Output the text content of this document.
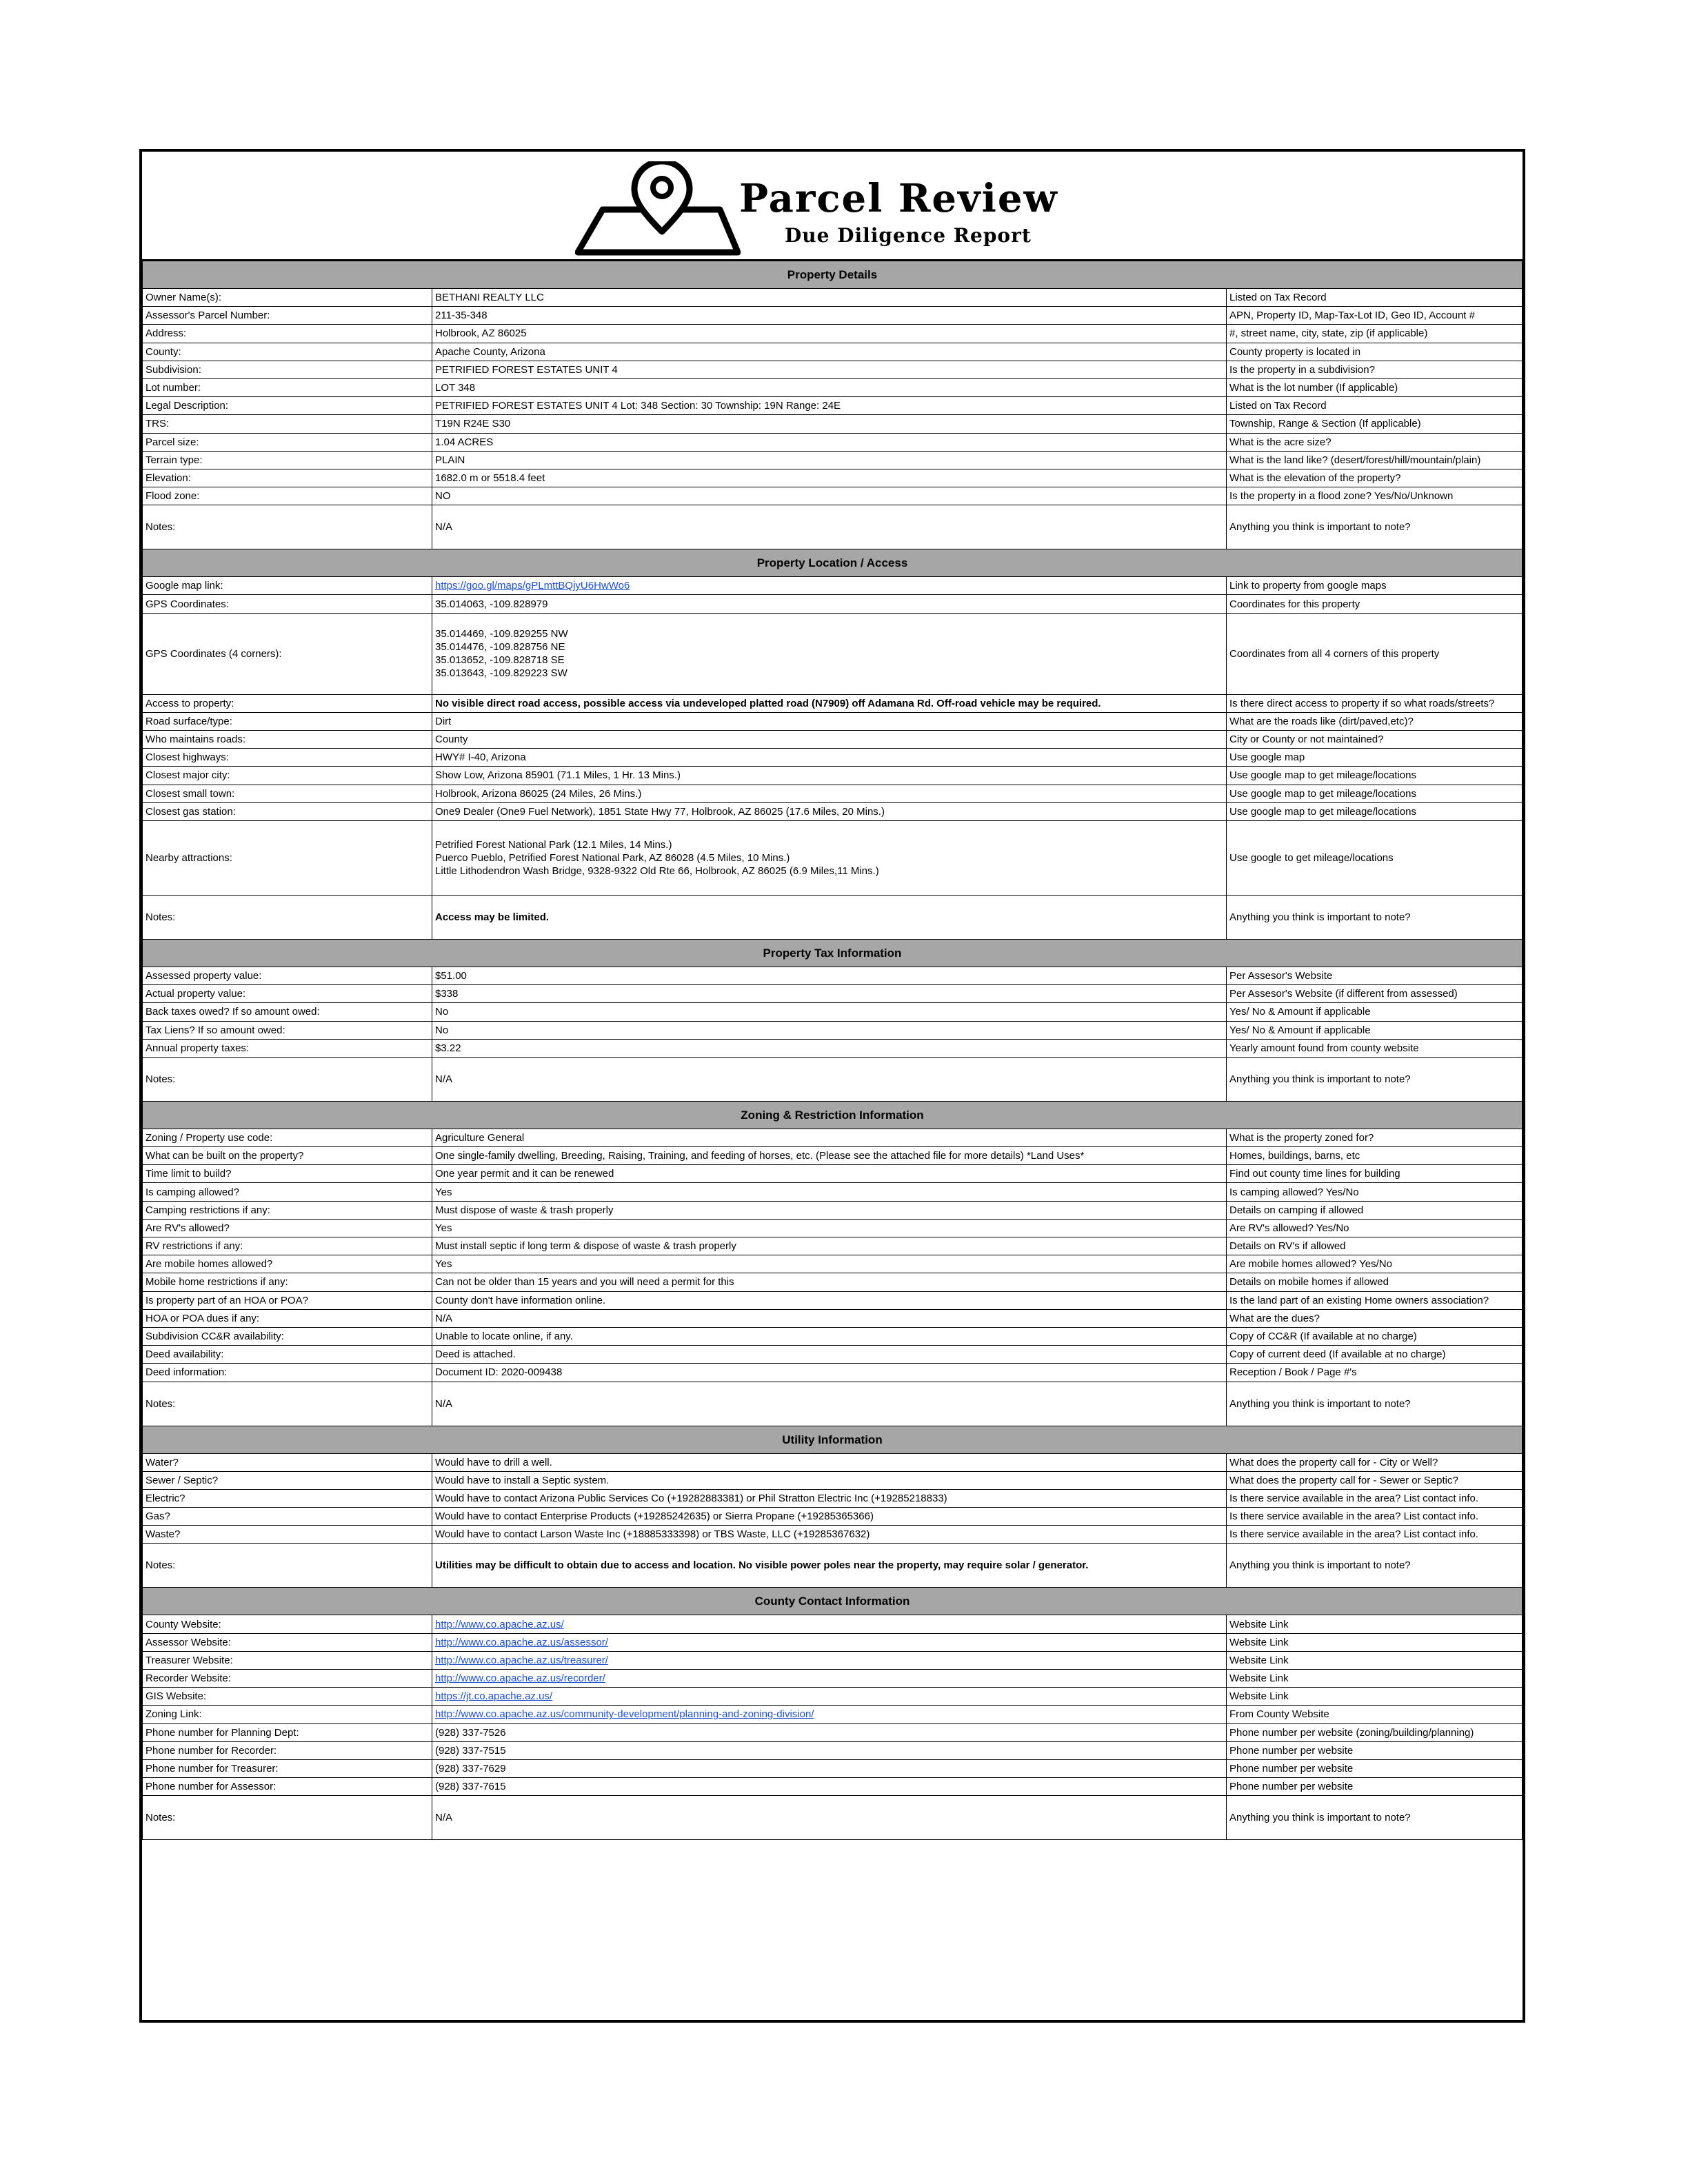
Parcel Review
Due Diligence Report
Property Details		
Owner Name(s):	BETHANI REALTY LLC	Listed on Tax Record
Assessor's Parcel Number:	211-35-348	APN, Property ID, Map-Tax-Lot ID, Geo ID, Account #
Address:	Holbrook, AZ 86025	#, street name, city, state, zip (if applicable)
County:	Apache County, Arizona	County property is located in
Subdivision:	PETRIFIED FOREST ESTATES UNIT 4	Is the property in a subdivision?
Lot number:	LOT 348	What is the lot number (If applicable)
Legal Description:	PETRIFIED FOREST ESTATES UNIT 4 Lot: 348 Section: 30 Township: 19N Range: 24E	Listed on Tax Record
TRS:	T19N R24E S30	Township, Range & Section (If applicable)
Parcel size:	1.04 ACRES	What is the acre size?
Terrain type:	PLAIN	What is the land like? (desert/forest/hill/mountain/plain)
Elevation:	1682.0 m or 5518.4 feet	What is the elevation of the property?
Flood zone:	NO	Is the property in a flood zone? Yes/No/Unknown
Notes:	N/A	Anything you think is important to note?
Property Location / Access		
Google map link:	https://goo.gl/maps/gPLmttBQjyU6HwWo6	Link to property from google maps
GPS Coordinates:	35.014063, -109.828979	Coordinates for this property
GPS Coordinates (4 corners):	35.014469, -109.829255 NW
35.014476, -109.828756 NE
35.013652, -109.828718 SE
35.013643, -109.829223 SW	Coordinates from all 4 corners of this property
Access to property:	No visible direct road access, possible access via undeveloped platted road (N7909) off Adamana Rd. Off-road vehicle may be required.	Is there direct access to property if so what roads/streets?
Road surface/type:	Dirt	What are the roads like (dirt/paved,etc)?
Who maintains roads:	County	City or County or not maintained?
Closest highways:	HWY# I-40, Arizona	Use google map
Closest major city:	Show Low, Arizona 85901 (71.1 Miles, 1 Hr. 13 Mins.)	Use google map to get mileage/locations
Closest small town:	Holbrook, Arizona 86025 (24 Miles, 26 Mins.)	Use google map to get mileage/locations
Closest gas station:	One9 Dealer (One9 Fuel Network), 1851 State Hwy 77, Holbrook, AZ 86025 (17.6 Miles, 20 Mins.)	Use google map to get mileage/locations
Nearby attractions:	Petrified Forest National Park (12.1 Miles, 14 Mins.)
Puerco Pueblo, Petrified Forest National Park, AZ 86028 (4.5 Miles, 10 Mins.)
Little Lithodendron Wash Bridge, 9328-9322 Old Rte 66, Holbrook, AZ 86025 (6.9 Miles,11 Mins.)	Use google to get mileage/locations
Notes:	Access may be limited.	Anything you think is important to note?
Property Tax Information		
Assessed property value:	$51.00	Per Assesor's Website
Actual property value:	$338	Per Assesor's Website (if different from assessed)
Back taxes owed? If so amount owed:	No	Yes/ No & Amount if applicable
Tax Liens? If so amount owed:	No	Yes/ No & Amount if applicable
Annual property taxes:	$3.22	Yearly amount found from county website
Notes:	N/A	Anything you think is important to note?
Zoning & Restriction Information		
Zoning / Property use code:	Agriculture General	What is the property zoned for?
What can be built on the property?	One single-family dwelling, Breeding, Raising, Training, and feeding of horses, etc. (Please see the attached file for more details) *Land Uses*	Homes, buildings, barns, etc
Time limit to build?	One year permit and it can be renewed	Find out county time lines for building
Is camping allowed?	Yes	Is camping allowed? Yes/No
Camping restrictions if any:	Must dispose of waste & trash properly	Details on camping if allowed
Are RV's allowed?	Yes	Are RV's allowed? Yes/No
RV restrictions if any:	Must install septic if long term & dispose of waste & trash properly	Details on RV's if allowed
Are mobile homes allowed?	Yes	Are mobile homes allowed? Yes/No
Mobile home restrictions if any:	Can not be older than 15 years and you will need a permit for this	Details on mobile homes if allowed
Is property part of an HOA or POA?	County don't have information online.	Is the land part of an existing Home owners association?
HOA or POA dues if any:	N/A	What are the dues?
Subdivision CC&R availability:	Unable to locate online, if any.	Copy of CC&R (If available at no charge)
Deed availability:	Deed is attached.	Copy of current deed (If available at no charge)
Deed information:	Document ID: 2020-009438	Reception / Book / Page #'s
Notes:	N/A	Anything you think is important to note?
Utility Information		
Water?	Would have to drill a well.	What does the property call for - City or Well?
Sewer / Septic?	Would have to install a Septic system.	What does the property call for - Sewer or Septic?
Electric?	Would have to contact Arizona Public Services Co (+19282883381) or Phil Stratton Electric Inc (+19285218833)	Is there service available in the area? List contact info.
Gas?	Would have to contact Enterprise Products (+19285242635) or Sierra Propane (+19285365366)	Is there service available in the area? List contact info.
Waste?	Would have to contact Larson Waste Inc (+18885333398) or TBS Waste, LLC (+19285367632)	Is there service available in the area? List contact info.
Notes:	Utilities may be difficult to obtain due to access and location. No visible power poles near the property, may require solar / generator.	Anything you think is important to note?
County Contact Information		
County Website:	http://www.co.apache.az.us/	Website Link
Assessor Website:	http://www.co.apache.az.us/assessor/	Website Link
Treasurer Website:	http://www.co.apache.az.us/treasurer/	Website Link
Recorder Website:	http://www.co.apache.az.us/recorder/	Website Link
GIS Website:	https://jt.co.apache.az.us/	Website Link
Zoning Link:	http://www.co.apache.az.us/community-development/planning-and-zoning-division/	From County Website
Phone number for Planning Dept:	(928) 337-7526	Phone number per website (zoning/building/planning)
Phone number for Recorder:	(928) 337-7515	Phone number per website
Phone number for Treasurer:	(928) 337-7629	Phone number per website
Phone number for Assessor:	(928) 337-7615	Phone number per website
Notes:	N/A	Anything you think is important to note?
